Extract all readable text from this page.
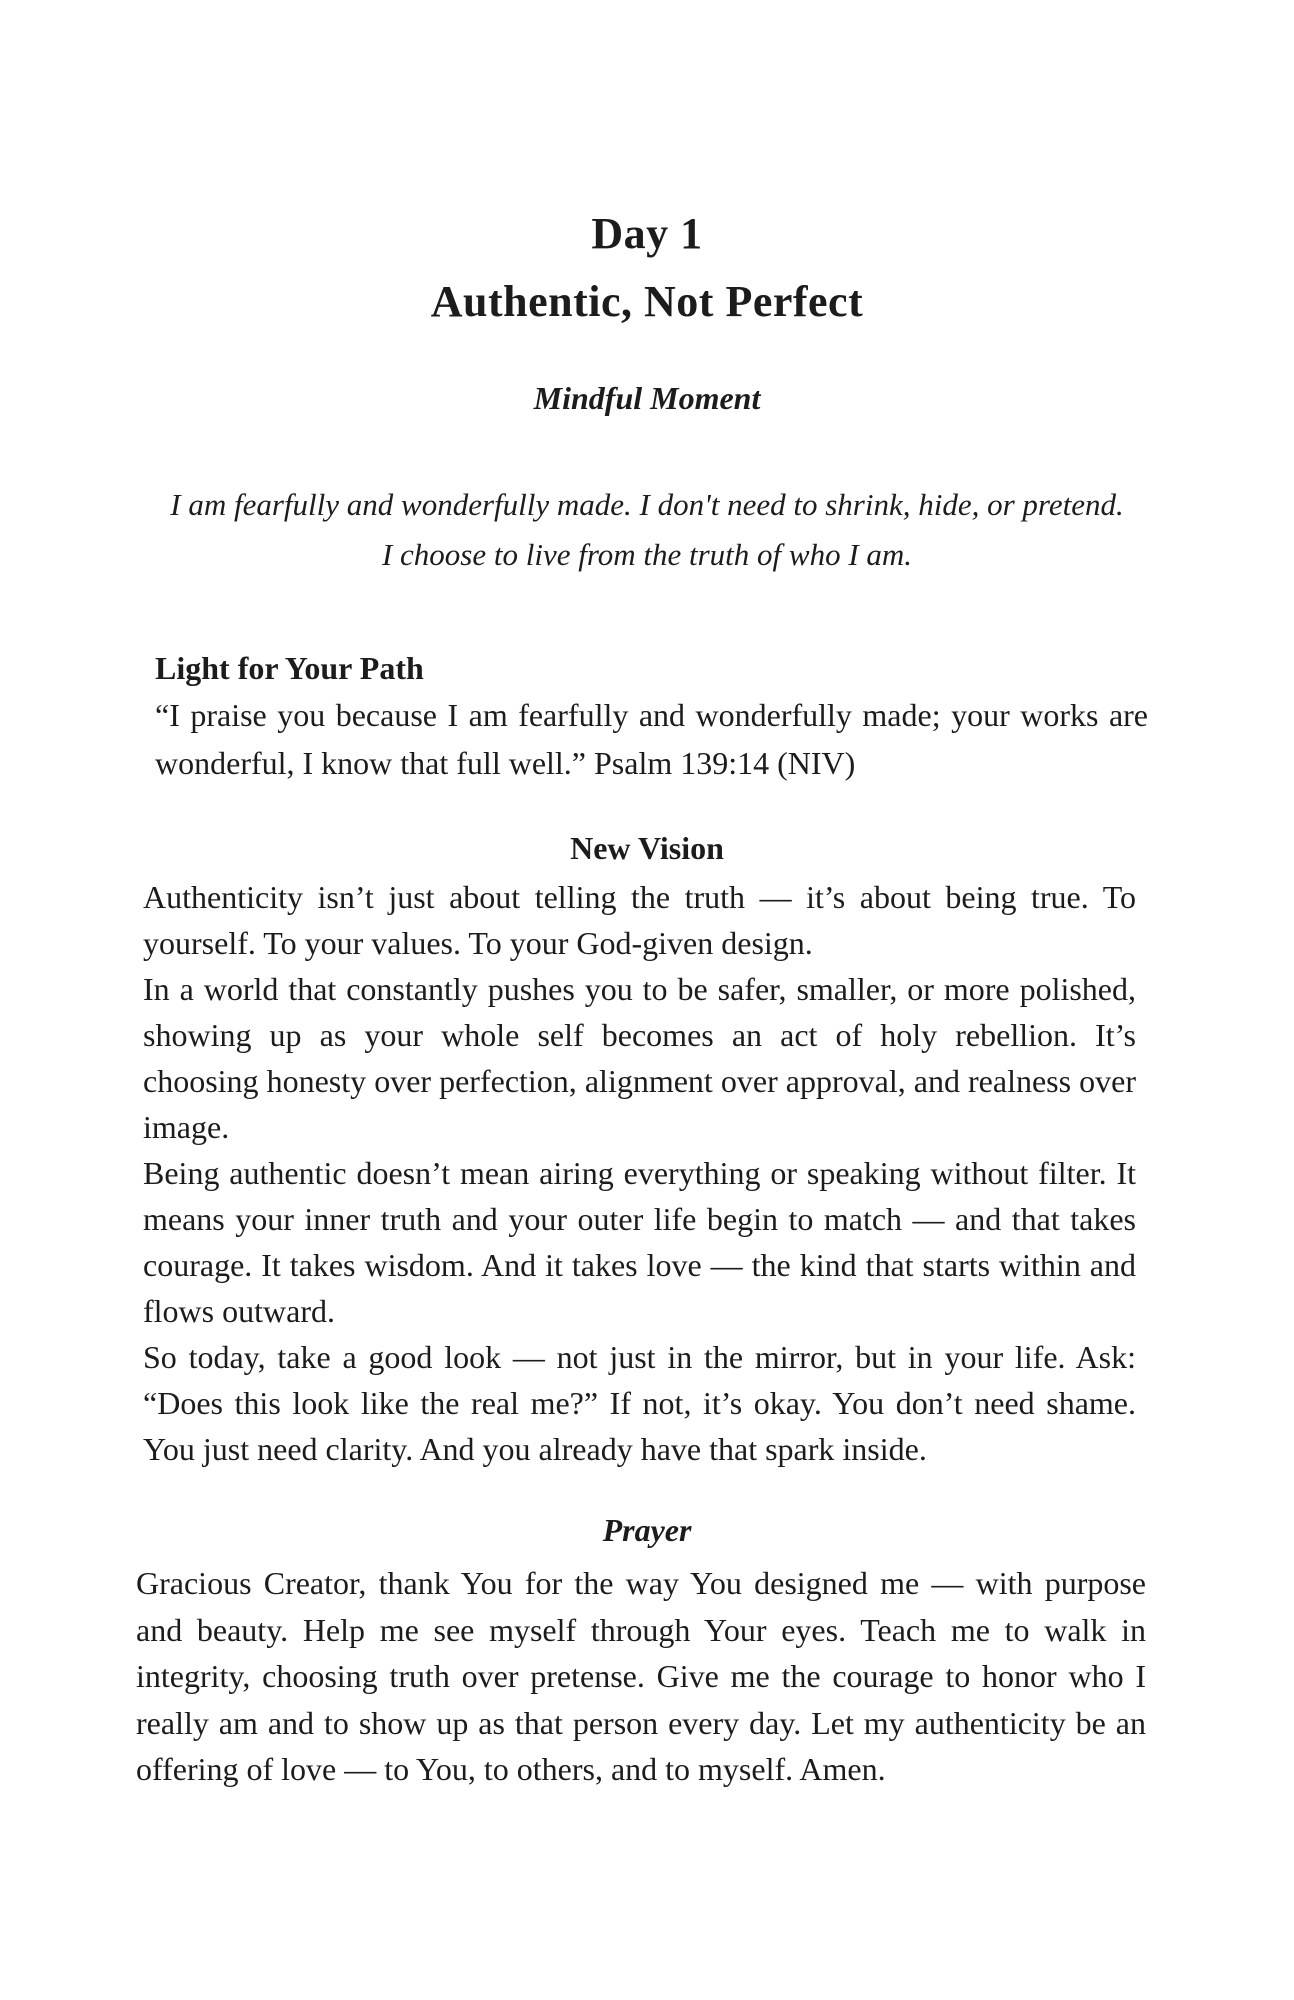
Day 1
Authentic, Not Perfect
Mindful Moment
I am fearfully and wonderfully made. I don't need to shrink, hide, or pretend. I choose to live from the truth of who I am.
Light for Your Path
“I praise you because I am fearfully and wonderfully made; your works are wonderful, I know that full well.” Psalm 139:14 (NIV)
New Vision

Authenticity isn’t just about telling the truth — it’s about being true. To yourself. To your values. To your God-given design.

In a world that constantly pushes you to be safer, smaller, or more polished, showing up as your whole self becomes an act of holy rebellion. It’s choosing honesty over perfection, alignment over approval, and realness over image.

Being authentic doesn’t mean airing everything or speaking without filter. It means your inner truth and your outer life begin to match — and that takes courage. It takes wisdom. And it takes love — the kind that starts within and flows outward.

So today, take a good look — not just in the mirror, but in your life. Ask: “Does this look like the real me?” If not, it’s okay. You don’t need shame. You just need clarity. And you already have that spark inside.

Prayer
Gracious Creator, thank You for the way You designed me — with purpose and beauty. Help me see myself through Your eyes. Teach me to walk in integrity, choosing truth over pretense. Give me the courage to honor who I really am and to show up as that person every day. Let my authenticity be an offering of love — to You, to others, and to myself. Amen.
